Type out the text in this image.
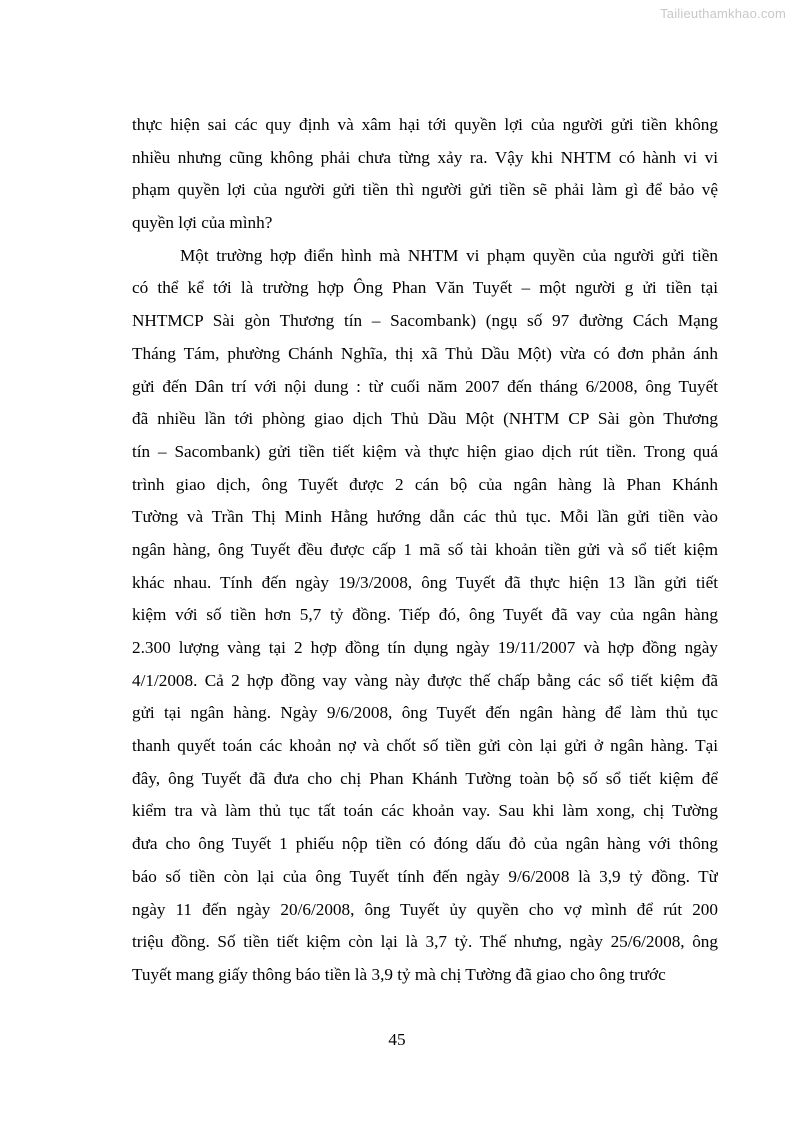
Tailieuthamkhao.com
thực hiện sai các quy định và xâm hại tới quyền lợi của người gửi tiền không
nhiều nhưng cũng không phải chưa từng xảy ra. Vậy khi NHTM có hành vi vi
phạm quyền lợi của người gửi tiền thì người gửi tiền sẽ phải làm gì để bảo vệ
quyền lợi của mình?
Một trường hợp điển hình mà NHTM vi phạm quyền của người gửi tiền
có thể kể tới là trường hợp Ông Phan Văn Tuyết – một người g ửi tiền tại
NHTMCP Sài gòn Thương tín – Sacombank) (ngụ số 97 đường Cách Mạng
Tháng Tám, phường Chánh Nghĩa, thị xã Thủ Dầu Một) vừa có đơn phản ánh
gửi đến Dân trí với nội dung : từ cuối năm 2007 đến tháng 6/2008, ông Tuyết
đã nhiều lần tới phòng giao dịch Thủ Dầu Một (NHTM CP Sài gòn Thương
tín – Sacombank) gửi tiền tiết kiệm và thực hiện giao dịch rút tiền. Trong quá
trình giao dịch, ông Tuyết được 2 cán bộ của ngân hàng là Phan Khánh
Tường và Trần Thị Minh Hằng hướng dẫn các thủ tục. Mỗi lần gửi tiền vào
ngân hàng, ông Tuyết đều được cấp 1 mã số tài khoản tiền gửi và sổ tiết kiệm
khác nhau. Tính đến ngày 19/3/2008, ông Tuyết đã thực hiện 13 lần gửi tiết
kiệm với số tiền hơn 5,7 tỷ đồng. Tiếp đó, ông Tuyết đã vay của ngân hàng
2.300 lượng vàng tại 2 hợp đồng tín dụng ngày 19/11/2007 và hợp đồng ngày
4/1/2008. Cả 2 hợp đồng vay vàng này được thế chấp bằng các sổ tiết kiệm đã
gửi tại ngân hàng. Ngày 9/6/2008, ông Tuyết đến ngân hàng để làm thủ tục
thanh quyết toán các khoản nợ và chốt số tiền gửi còn lại gửi ở ngân hàng. Tại
đây, ông Tuyết đã đưa cho chị Phan Khánh Tường toàn bộ số sổ tiết kiệm để
kiểm tra và làm thủ tục tất toán các khoản vay. Sau khi làm xong, chị Tường
đưa cho ông Tuyết 1 phiếu nộp tiền có đóng dấu đỏ của ngân hàng với thông
báo số tiền còn lại của ông Tuyết tính đến ngày 9/6/2008 là 3,9 tỷ đồng. Từ
ngày 11 đến ngày 20/6/2008, ông Tuyết ủy quyền cho vợ mình để rút 200
triệu đồng. Số tiền tiết kiệm còn lại là 3,7 tỷ. Thế nhưng, ngày 25/6/2008, ông
Tuyết mang giấy thông báo tiền là 3,9 tỷ mà chị Tường đã giao cho ông trước
45
